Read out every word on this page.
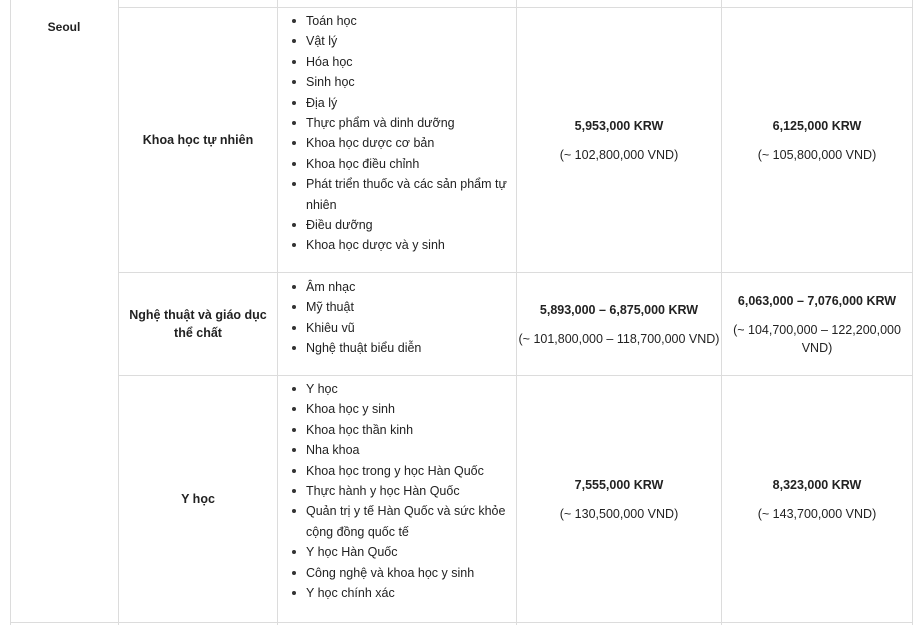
Seoul
Khoa học tự nhiên
Toán học
Vật lý
Hóa học
Sinh học
Địa lý
Thực phẩm và dinh dưỡng
Khoa học dược cơ bản
Khoa học điều chỉnh
Phát triển thuốc và các sản phẩm tự nhiên
Điều dưỡng
Khoa học dược và y sinh
5,953,000 KRW
(~ 102,800,000 VND)
6,125,000 KRW
(~ 105,800,000 VND)
Nghệ thuật và giáo dục thể chất
Âm nhạc
Mỹ thuật
Khiêu vũ
Nghệ thuật biểu diễn
5,893,000 – 6,875,000 KRW
(~ 101,800,000 – 118,700,000 VND)
6,063,000 – 7,076,000 KRW
(~ 104,700,000 – 122,200,000 VND)
Y học
Y học
Khoa học y sinh
Khoa học thần kinh
Nha khoa
Khoa học trong y học Hàn Quốc
Thực hành y học Hàn Quốc
Quản trị y tế Hàn Quốc và sức khỏe cộng đồng quốc tế
Y học Hàn Quốc
Công nghệ và khoa học y sinh
Y học chính xác
7,555,000 KRW
(~ 130,500,000 VND)
8,323,000 KRW
(~ 143,700,000 VND)
